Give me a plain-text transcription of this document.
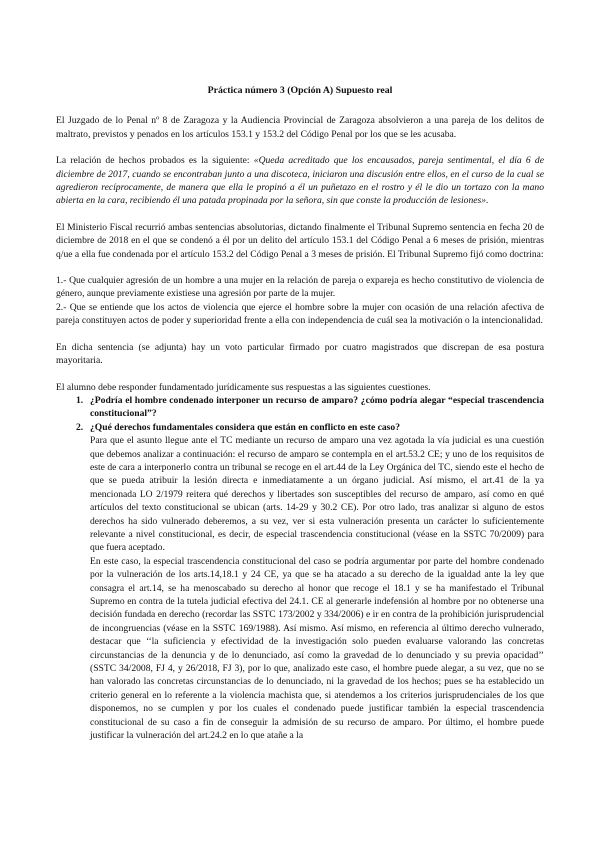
Práctica número 3 (Opción A) Supuesto real

El Juzgado de lo Penal nº 8 de Zaragoza y la Audiencia Provincial de Zaragoza absolvieron a una pareja de los delitos de maltrato, previstos y penados en los artículos 153.1 y 153.2 del Código Penal por los que se les acusaba.

La relación de hechos probados es la siguiente: «Queda acreditado que los encausados, pareja sentimental, el día 6 de diciembre de 2017, cuando se encontraban junto a una discoteca, iniciaron una discusión entre ellos, en el curso de la cual se agredieron recíprocamente, de manera que ella le propinó a él un puñetazo en el rostro y él le dio un tortazo con la mano abierta en la cara, recibiendo él una patada propinada por la señora, sin que conste la producción de lesiones».

El Ministerio Fiscal recurrió ambas sentencias absolutorias, dictando finalmente el Tribunal Supremo sentencia en fecha 20 de diciembre de 2018 en el que se condenó a él por un delito del artículo 153.1 del Código Penal a 6 meses de prisión, mientras q/ue a ella fue condenada por el artículo 153.2 del Código Penal a 3 meses de prisión. El Tribunal Supremo fijó como doctrina:

1.- Que cualquier agresión de un hombre a una mujer en la relación de pareja o expareja es hecho constitutivo de violencia de género, aunque previamente existiese una agresión por parte de la mujer.

2.- Que se entiende que los actos de violencia que ejerce el hombre sobre la mujer con ocasión de una relación afectiva de pareja constituyen actos de poder y superioridad frente a ella con independencia de cuál sea la motivación o la intencionalidad.

En dicha sentencia (se adjunta) hay un voto particular firmado por cuatro magistrados que discrepan de esa postura mayoritaria.

El alumno debe responder fundamentado jurídicamente sus respuestas a las siguientes cuestiones.

1. ¿Podría el hombre condenado interponer un recurso de amparo? ¿cómo podría alegar “especial trascendencia constitucional”?
2. ¿Qué derechos fundamentales considera que están en conflicto en este caso?

Para que el asunto llegue ante el TC mediante un recurso de amparo una vez agotada la vía judicial es una cuestión que debemos analizar a continuación: el recurso de amparo se contempla en el art.53.2 CE; y uno de los requisitos de este de cara a interponerlo contra un tribunal se recoge en el art.44 de la Ley Orgánica del TC, siendo este el hecho de que se pueda atribuir la lesión directa e inmediatamente a un órgano judicial. Así mismo, el art.41 de la ya mencionada LO 2/1979 reitera qué derechos y libertades son susceptibles del recurso de amparo, así como en qué artículos del texto constitucional se ubican (arts. 14-29 y 30.2 CE). Por otro lado, tras analizar si alguno de estos derechos ha sido vulnerado deberemos, a su vez, ver si esta vulneración presenta un carácter lo suficientemente relevante a nivel constitucional, es decir, de especial trascendencia constitucional (véase en la SSTC 70/2009) para que fuera aceptado.

En este caso, la especial trascendencia constitucional del caso se podría argumentar por parte del hombre condenado por la vulneración de los arts.14,18.1 y 24 CE, ya que se ha atacado a su derecho de la igualdad ante la ley que consagra el art.14, se ha menoscabado su derecho al honor que recoge el 18.1 y se ha manifestado el Tribunal Supremo en contra de la tutela judicial efectiva del 24.1. CE al generarle indefensión al hombre por no obtenerse una decisión fundada en derecho (recordar las SSTC 173/2002 y 334/2006) e ir en contra de la prohibición jurisprudencial de incongruencias (véase en la SSTC 169/1988). Así mismo. Así mismo, en referencia al último derecho vulnerado, destacar que ‘‘la suficiencia y efectividad de la investigación solo pueden evaluarse valorando las concretas circunstancias de la denuncia y de lo denunciado, así como la gravedad de lo denunciado y su previa opacidad’’ (SSTC 34/2008, FJ 4, y 26/2018, FJ 3), por lo que, analizado este caso, el hombre puede alegar, a su vez, que no se han valorado las concretas circunstancias de lo denunciado, ni la gravedad de los hechos; pues se ha establecido un criterio general en lo referente a la violencia machista que, si atendemos a los criterios jurisprudenciales de los que disponemos, no se cumplen y por los cuales el condenado puede justificar también la especial trascendencia constitucional de su caso a fin de conseguir la admisión de su recurso de amparo. Por último, el hombre puede justificar la vulneración del art.24.2 en lo que atañe a la
